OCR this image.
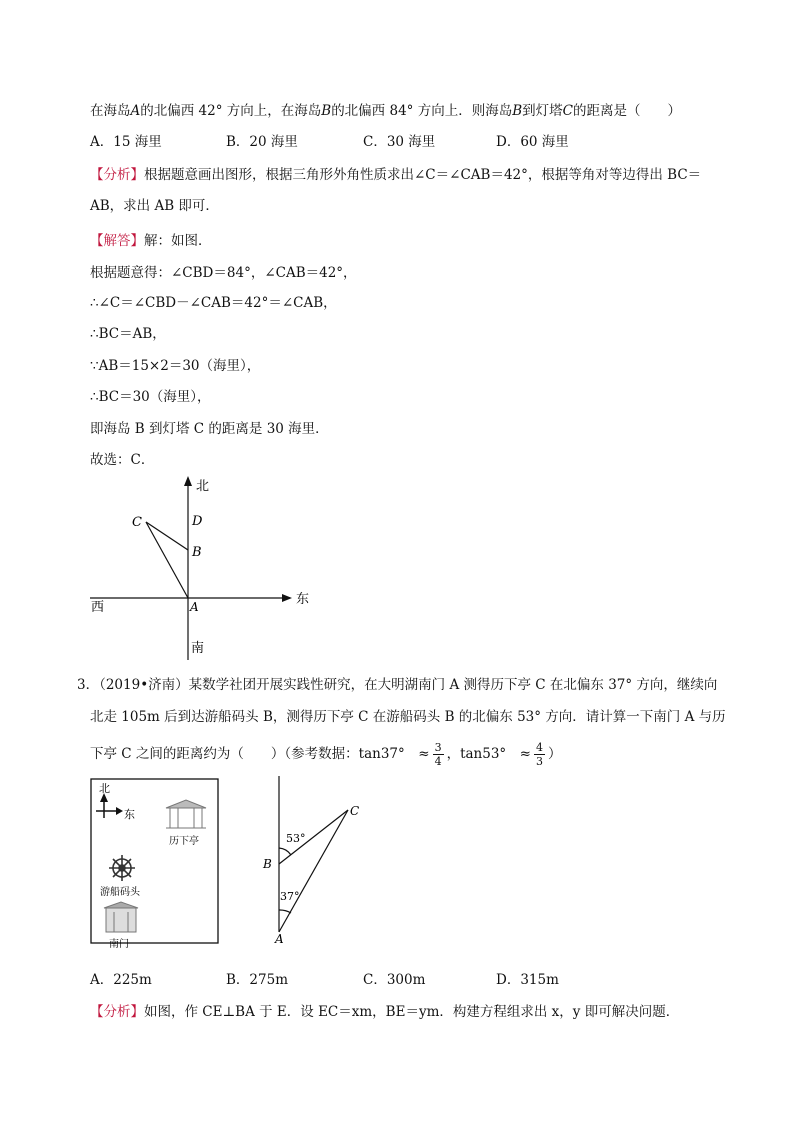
在海岛A的北偏西 42° 方向上，在海岛B的北偏西 84° 方向上．则海岛B到灯塔C的距离是（　　）
A．15 海里	B．20 海里	C．30 海里	D．60 海里
【分析】根据题意画出图形，根据三角形外角性质求出∠C＝∠CAB＝42°，根据等角对等边得出 BC＝
AB，求出 AB 即可．
【解答】解：如图．
根据题意得：∠CBD＝84°，∠CAB＝42°，
∴∠C＝∠CBD－∠CAB＝42°＝∠CAB，
∴BC＝AB，
∵AB＝15×2＝30（海里），
∴BC＝30（海里），
即海岛 B 到灯塔 C 的距离是 30 海里．
故选：C．
北
C	D
B
西	A	东
南
3．（2019•济南）某数学社团开展实践性研究，在大明湖南门 A 测得历下亭 C 在北偏东 37° 方向，继续向
北走 105m 后到达游船码头 B，测得历下亭 C 在游船码头 B 的北偏东 53° 方向．请计算一下南门 A 与历
下亭 C 之间的距离约为（　　）（参考数据：tan37°　≈ $\frac{3}{4}$ ，tan53°　≈ $\frac{4}{3}$ ）
北
东
历下亭
游船码头
南门
C
B
A
53°
37°
A．225m	B．275m	C．300m	D．315m
【分析】如图，作 CE⊥BA 于 E．设 EC＝xm，BE＝ym．构建方程组求出 x，y 即可解决问题．
